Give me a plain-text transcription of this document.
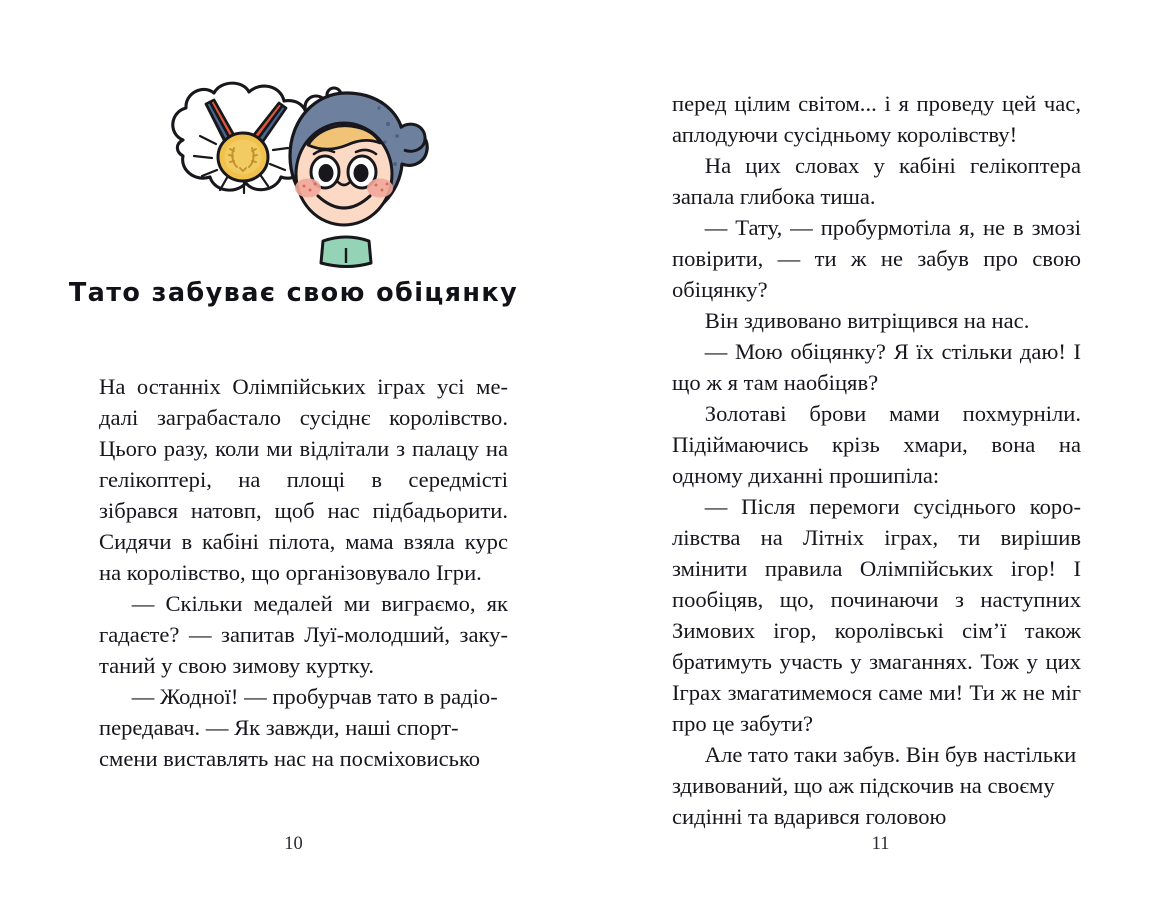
Тато забуває свою обіцянку

На останніх Олімпійських іграх усі медалі заграбастало сусіднє королівство. Цього разу, коли ми відлітали з палацу на гелікоптері, на площі в середмісті зібрався натовп, щоб нас підбадьорити. Сидячи в кабіні пілота, мама взяла курс на королівство, що організовувало Ігри.

— Скільки медалей ми виграємо, як гадаєте? — запитав Луї-молодший, закутаний у свою зимову куртку.

— Жодної! — пробурчав тато в радіопередавач. — Як завжди, наші спортсмени виставлять нас на посміховисько

10

перед цілим світом... і я проведу цей час, аплодуючи сусідньому королівству!

На цих словах у кабіні гелікоптера запала глибока тиша.

— Тату, — пробурмотіла я, не в змозі повірити, — ти ж не забув про свою обіцянку?

Він здивовано витріщився на нас.

— Мою обіцянку? Я їх стільки даю! І що ж я там наобіцяв?

Золотаві брови мами похмурніли. Підіймаючись крізь хмари, вона на одному диханні прошипіла:

— Після перемоги сусіднього королівства на Літніх іграх, ти вирішив змінити правила Олімпійських ігор! І пообіцяв, що, починаючи з наступних Зимових ігор, королівські сім’ї також братимуть участь у змаганнях. Тож у цих Іграх змагатимемося саме ми! Ти ж не міг про це забути?

Але тато таки забув. Він був настільки здивований, що аж підскочив на своєму сидінні та вдарився головою

11
